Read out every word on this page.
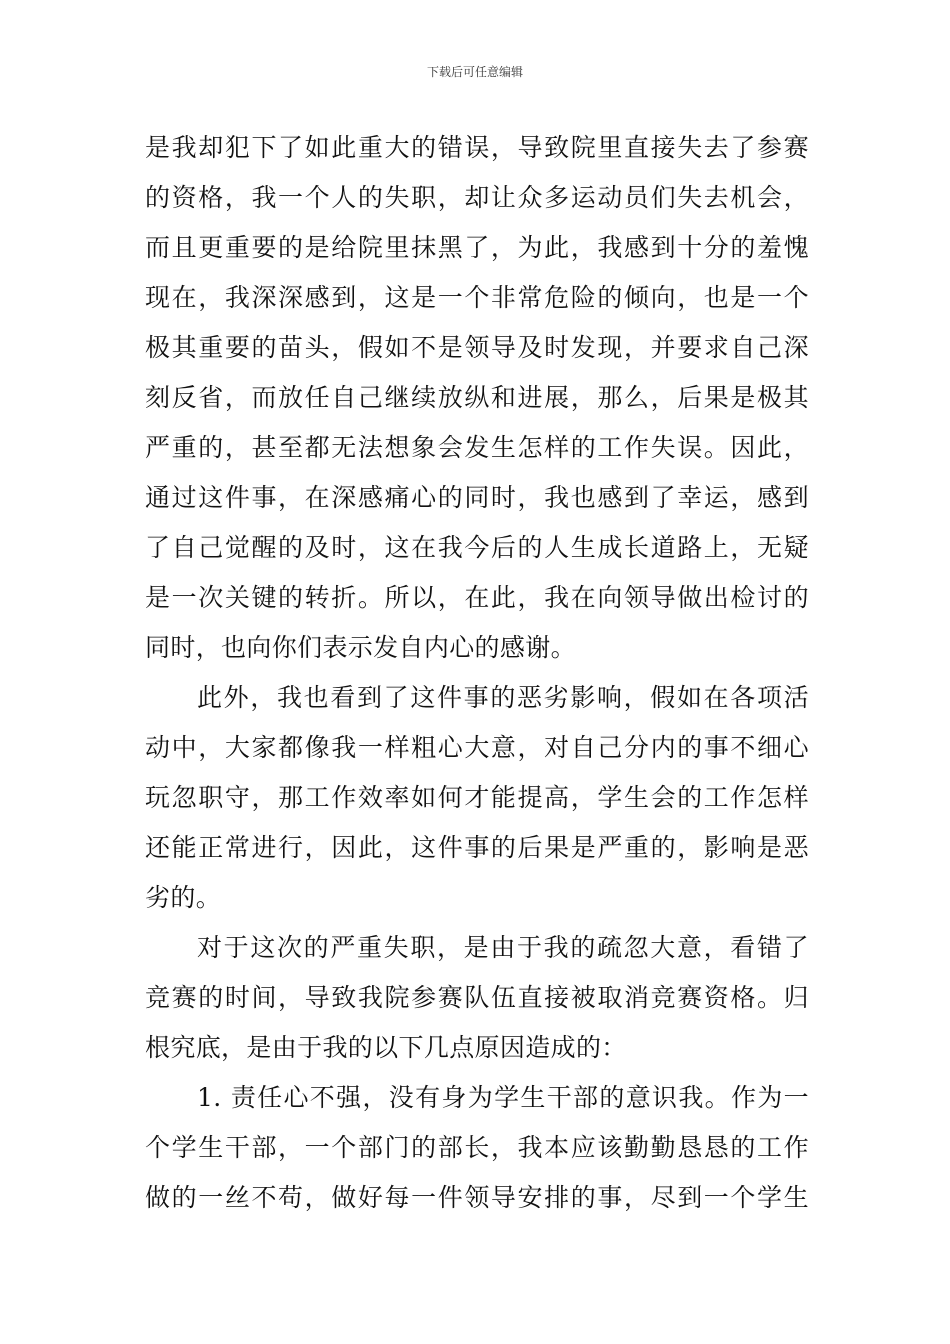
下载后可任意编辑
是我却犯下了如此重大的错误，导致院里直接失去了参赛
的资格，我一个人的失职，却让众多运动员们失去机会，
而且更重要的是给院里抹黑了，为此，我感到十分的羞愧
现在，我深深感到，这是一个非常危险的倾向，也是一个
极其重要的苗头，假如不是领导及时发现，并要求自己深
刻反省，而放任自己继续放纵和进展，那么，后果是极其
严重的，甚至都无法想象会发生怎样的工作失误。因此，
通过这件事，在深感痛心的同时，我也感到了幸运，感到
了自己觉醒的及时，这在我今后的人生成长道路上，无疑
是一次关键的转折。所以，在此，我在向领导做出检讨的
同时，也向你们表示发自内心的感谢。
此外，我也看到了这件事的恶劣影响，假如在各项活
动中，大家都像我一样粗心大意，对自己分内的事不细心
玩忽职守，那工作效率如何才能提高，学生会的工作怎样
还能正常进行，因此，这件事的后果是严重的，影响是恶
劣的。
对于这次的严重失职，是由于我的疏忽大意，看错了
竞赛的时间，导致我院参赛队伍直接被取消竞赛资格。归
根究底，是由于我的以下几点原因造成的：
1. 责任心不强，没有身为学生干部的意识我。作为一
个学生干部，一个部门的部长，我本应该勤勤恳恳的工作
做的一丝不苟，做好每一件领导安排的事，尽到一个学生
